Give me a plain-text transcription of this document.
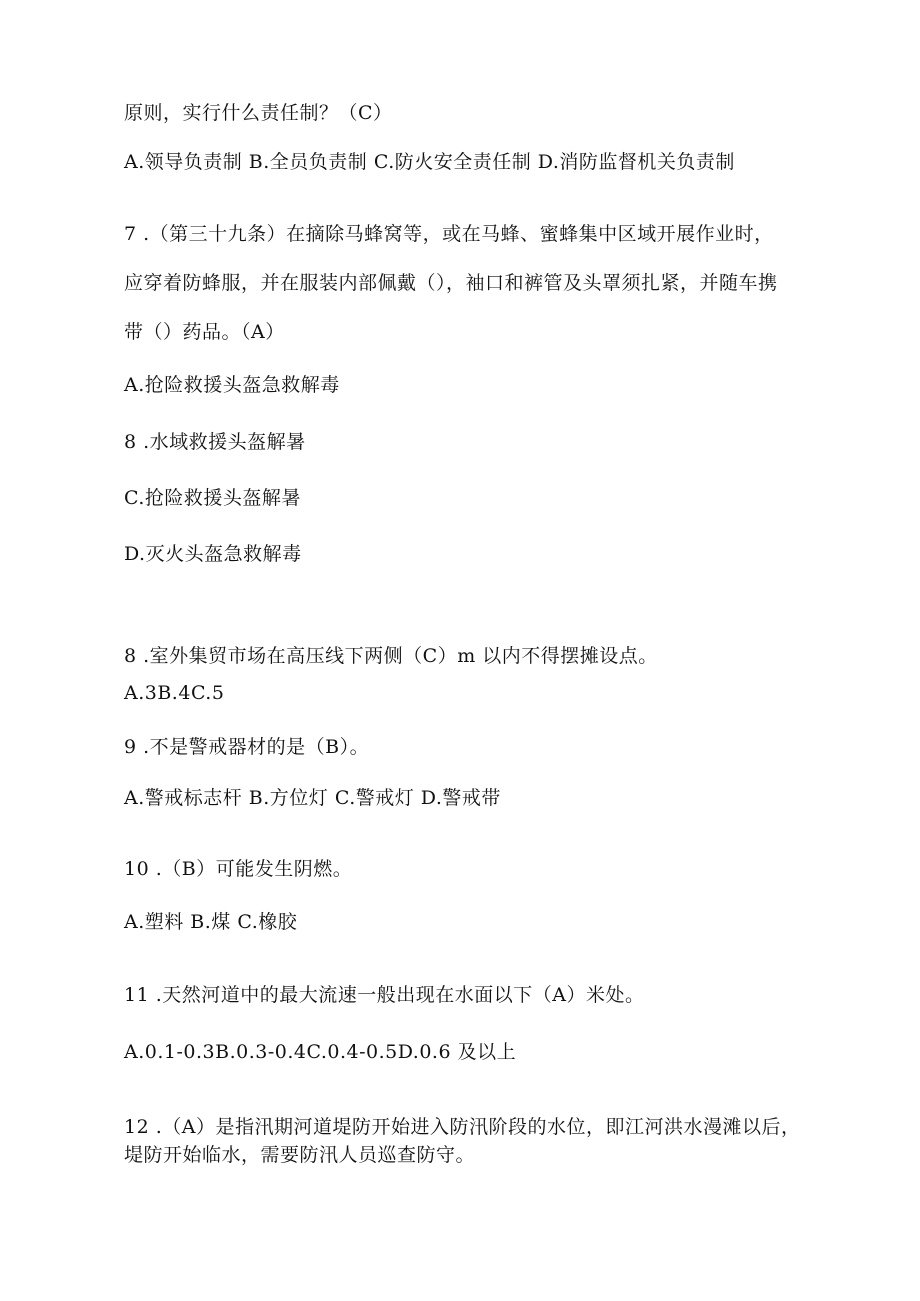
原则，实行什么责任制？（C）
A.领导负责制 B.全员负责制 C.防火安全责任制 D.消防监督机关负责制
7 .（第三十九条）在摘除马蜂窝等，或在马蜂、蜜蜂集中区域开展作业时，
应穿着防蜂服，并在服装内部佩戴（），袖口和裤管及头罩须扎紧，并随车携
带（）药品。（A）
A.抢险救援头盔急救解毒
8 .水域救援头盔解暑
C.抢险救援头盔解暑
D.灭火头盔急救解毒
8 .室外集贸市场在高压线下两侧（C）m 以内不得摆摊设点。
A.3B.4C.5
9 .不是警戒器材的是（B）。
A.警戒标志杆 B.方位灯 C.警戒灯 D.警戒带
10 .（B）可能发生阴燃。
A.塑料 B.煤 C.橡胶
11 .天然河道中的最大流速一般出现在水面以下（A）米处。
A.0.1-0.3B.0.3-0.4C.0.4-0.5D.0.6 及以上
12 .（A）是指汛期河道堤防开始进入防汛阶段的水位，即江河洪水漫滩以后，
堤防开始临水，需要防汛人员巡查防守。
